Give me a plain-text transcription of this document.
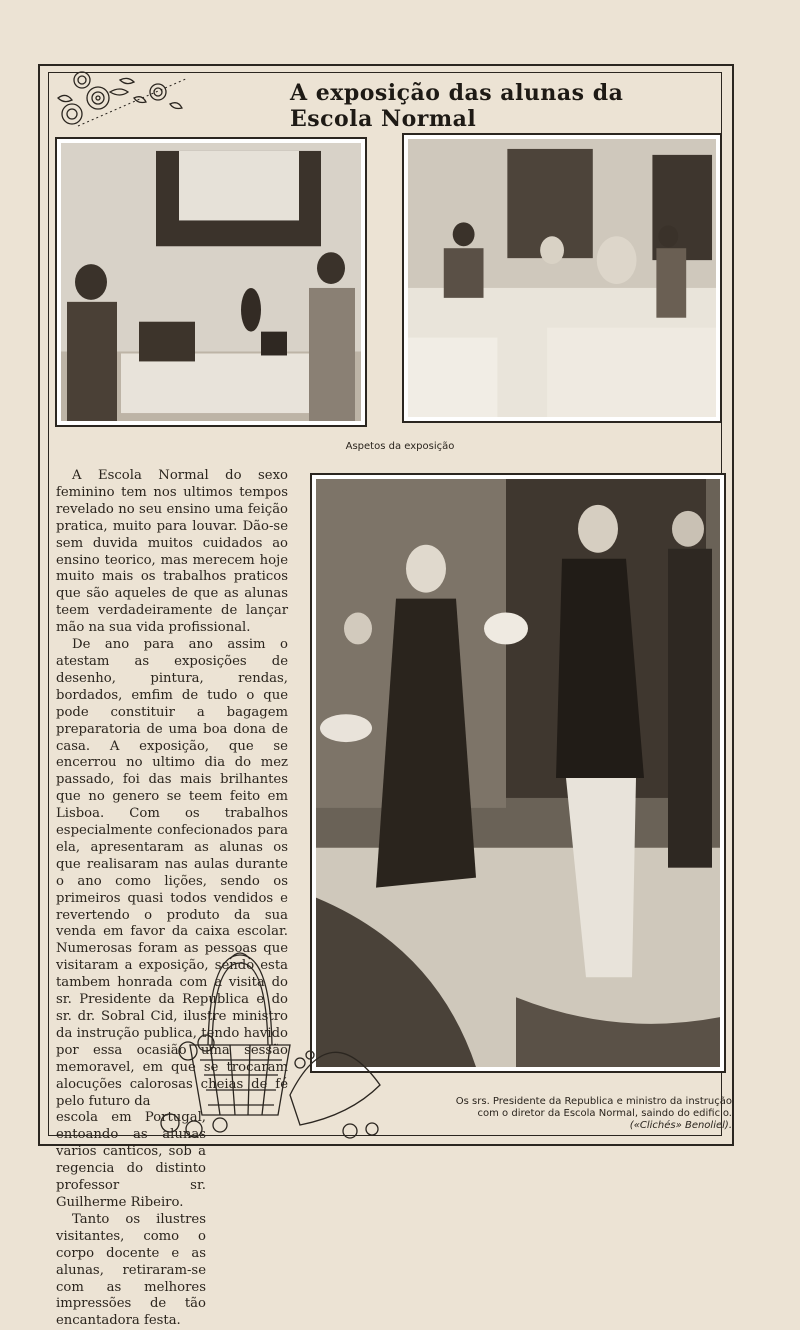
A exposição das alunas da Escola Normal
Aspetos da exposição

A Escola Normal do sexo feminino tem nos ultimos tempos revelado no seu ensino uma feição pratica, muito para louvar. Dão-se sem duvida muitos cuidados ao ensino teorico, mas merecem hoje muito mais os trabalhos praticos que são aqueles de que as alunas teem verdadeiramente de lançar mão na sua vida profissional.

De ano para ano assim o atestam as exposições de desenho, pintura, rendas, bordados, emfim de tudo o que pode constituir a bagagem preparatoria de uma boa dona de casa. A exposição, que se encerrou no ultimo dia do mez passado, foi das mais brilhantes que no genero se teem feito em Lisboa. Com os trabalhos especialmente confecionados para ela, apresentaram as alunas os que realisaram nas aulas durante o ano como lições, sendo os primeiros quasi todos vendidos e revertendo o produto da sua venda em favor da caixa escolar. Numerosas foram as pessoas que visitaram a exposição, sendo esta tambem honrada com a visita do sr. Presidente da Republica e do sr. dr. Sobral Cid, ilustre ministro da instrução publica, tendo havido por essa ocasião uma sessão memoravel, em que se trocaram alocuções calorosas cheias de fé pelo futuro da

escola em Portugal, entoando as alunas varios canticos, sob a regencia do distinto professor sr. Guilherme Ribeiro.

Tanto os ilustres visitantes, como o corpo docente e as alunas, retiraram-se com as melhores impressões de tão encantadora festa.

Os srs. Presidente da Republica e ministro da instrução
com o diretor da Escola Normal, saindo do edificio.
(«Clichés» Benoliel).
